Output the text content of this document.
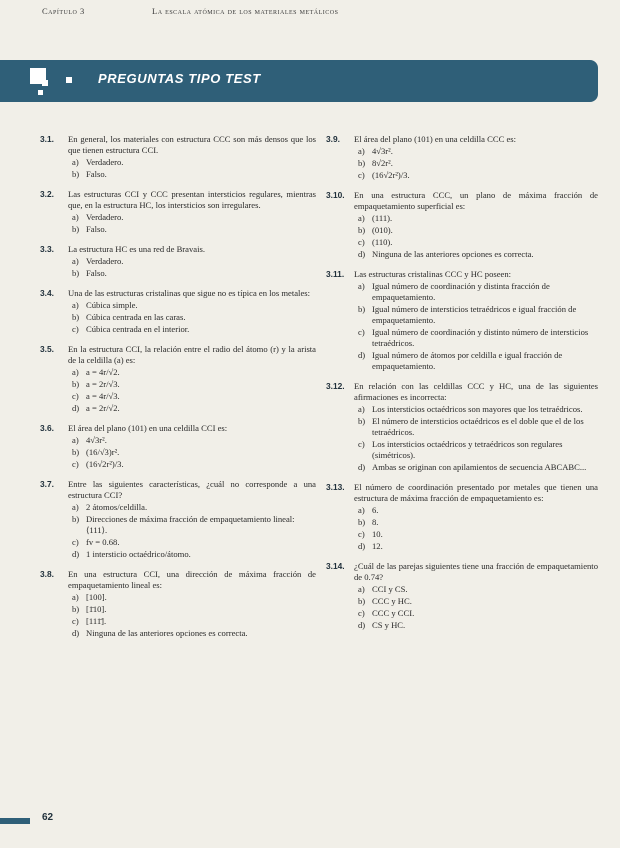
Capítulo 3	La escala atómica de los materiales metálicos
PREGUNTAS TIPO TEST
3.1. En general, los materiales con estructura CCC son más densos que los que tienen estructura CCI.
a) Verdadero.
b) Falso.
3.2. Las estructuras CCI y CCC presentan intersticios regulares, mientras que, en la estructura HC, los intersticios son irregulares.
a) Verdadero.
b) Falso.
3.3. La estructura HC es una red de Bravais.
a) Verdadero.
b) Falso.
3.4. Una de las estructuras cristalinas que sigue no es típica en los metales:
a) Cúbica simple.
b) Cúbica centrada en las caras.
c) Cúbica centrada en el interior.
3.5. En la estructura CCI, la relación entre el radio del átomo (r) y la arista de la celdilla (a) es:
a) a = 4r/√2.
b) a = 2r/√3.
c) a = 4r/√3.
d) a = 2r/√2.
3.6. El área del plano (101) en una celdilla CCI es:
a) 4√3r².
b) (16/√3)r².
c) (16√2r²)/3.
3.7. Entre las siguientes características, ¿cuál no corresponde a una estructura CCI?
a) 2 átomos/celdilla.
b) Direcciones de máxima fracción de empaquetamiento lineal: ⟨111⟩.
c) fv = 0.68.
d) 1 intersticio octaédrico/átomo.
3.8. En una estructura CCI, una dirección de máxima fracción de empaquetamiento lineal es:
a) [100].
b) [1̄10].
c) [111̄].
d) Ninguna de las anteriores opciones es correcta.
3.9. El área del plano (101) en una celdilla CCC es:
a) 4√3r².
b) 8√2r².
c) (16√2r²)/3.
3.10. En una estructura CCC, un plano de máxima fracción de empaquetamiento superficial es:
a) (111).
b) (010).
c) (110).
d) Ninguna de las anteriores opciones es correcta.
3.11. Las estructuras cristalinas CCC y HC poseen:
a) Igual número de coordinación y distinta fracción de empaquetamiento.
b) Igual número de intersticios tetraédricos e igual fracción de empaquetamiento.
c) Igual número de coordinación y distinto número de intersticios tetraédricos.
d) Igual número de átomos por celdilla e igual fracción de empaquetamiento.
3.12. En relación con las celdillas CCC y HC, una de las siguientes afirmaciones es incorrecta:
a) Los intersticios octaédricos son mayores que los tetraédricos.
b) El número de intersticios octaédricos es el doble que el de los tetraédricos.
c) Los intersticios octaédricos y tetraédricos son regulares (simétricos).
d) Ambas se originan con apilamientos de secuencia ABCABC...
3.13. El número de coordinación presentado por metales que tienen una estructura de máxima fracción de empaquetamiento es:
a) 6.
b) 8.
c) 10.
d) 12.
3.14. ¿Cuál de las parejas siguientes tiene una fracción de empaquetamiento de 0.74?
a) CCI y CS.
b) CCC y HC.
c) CCC y CCI.
d) CS y HC.
62
